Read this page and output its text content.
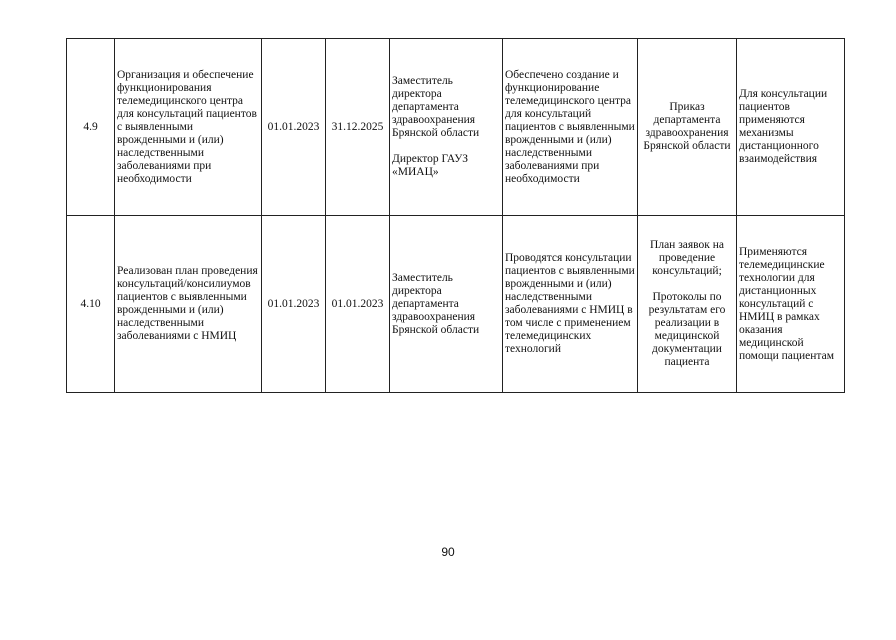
4.9	Организация и обеспечение функционирования телемедицинского центра для консультаций пациентов с выявленными врожденными и (или) наследственными заболеваниями при необходимости	01.01.2023	31.12.2025	Заместитель директора департамента здравоохранения Брянской области
Директор ГАУЗ «МИАЦ»	Обеспечено создание и функционирование телемедицинского центра для консультаций пациентов с выявленными врожденными и (или) наследственными заболеваниями при необходимости	Приказ департамента здравоохранения Брянской области	Для консультации пациентов применяются механизмы дистанционного взаимодействия
4.10	Реализован план проведения консультаций/консилиумов пациентов с выявленными врожденными и (или) наследственными заболеваниями с НМИЦ	01.01.2023	01.01.2023	Заместитель директора департамента здравоохранения Брянской области	Проводятся консультации пациентов с выявленными врожденными и (или) наследственными заболеваниями с НМИЦ в том числе с применением телемедицинских технологий	План заявок на проведение консультаций;
Протоколы по результатам его реализации в медицинской документации пациента	Применяются телемедицинские технологии для дистанционных консультаций с НМИЦ в рамках оказания медицинской помощи пациентам
90
